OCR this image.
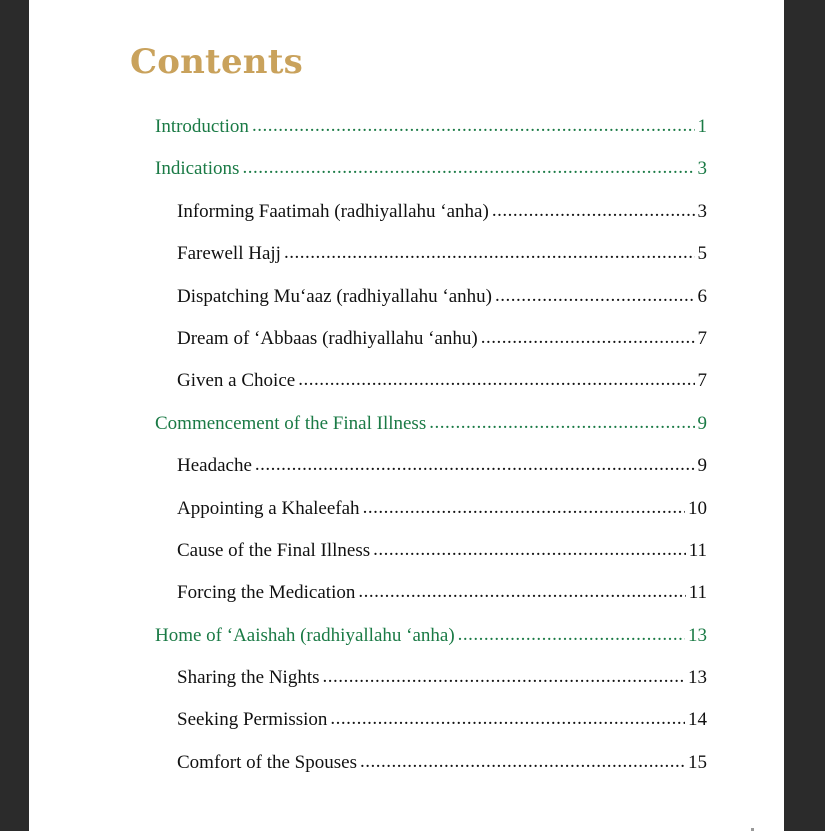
Contents
Introduction .....	1
Indications .....	3
Informing Faatimah (radhiyallahu ‘anha) .....	3
Farewell Hajj .....	5
Dispatching Mu‘aaz (radhiyallahu ‘anhu) .....	6
Dream of ‘Abbaas (radhiyallahu ‘anhu) .....	7
Given a Choice .....	7
Commencement of the Final Illness .....	9
Headache .....	9
Appointing a Khaleefah .....	10
Cause of the Final Illness .....	11
Forcing the Medication .....	11
Home of ‘Aaishah (radhiyallahu ‘anha) .....	13
Sharing the Nights .....	13
Seeking Permission .....	14
Comfort of the Spouses .....	15
